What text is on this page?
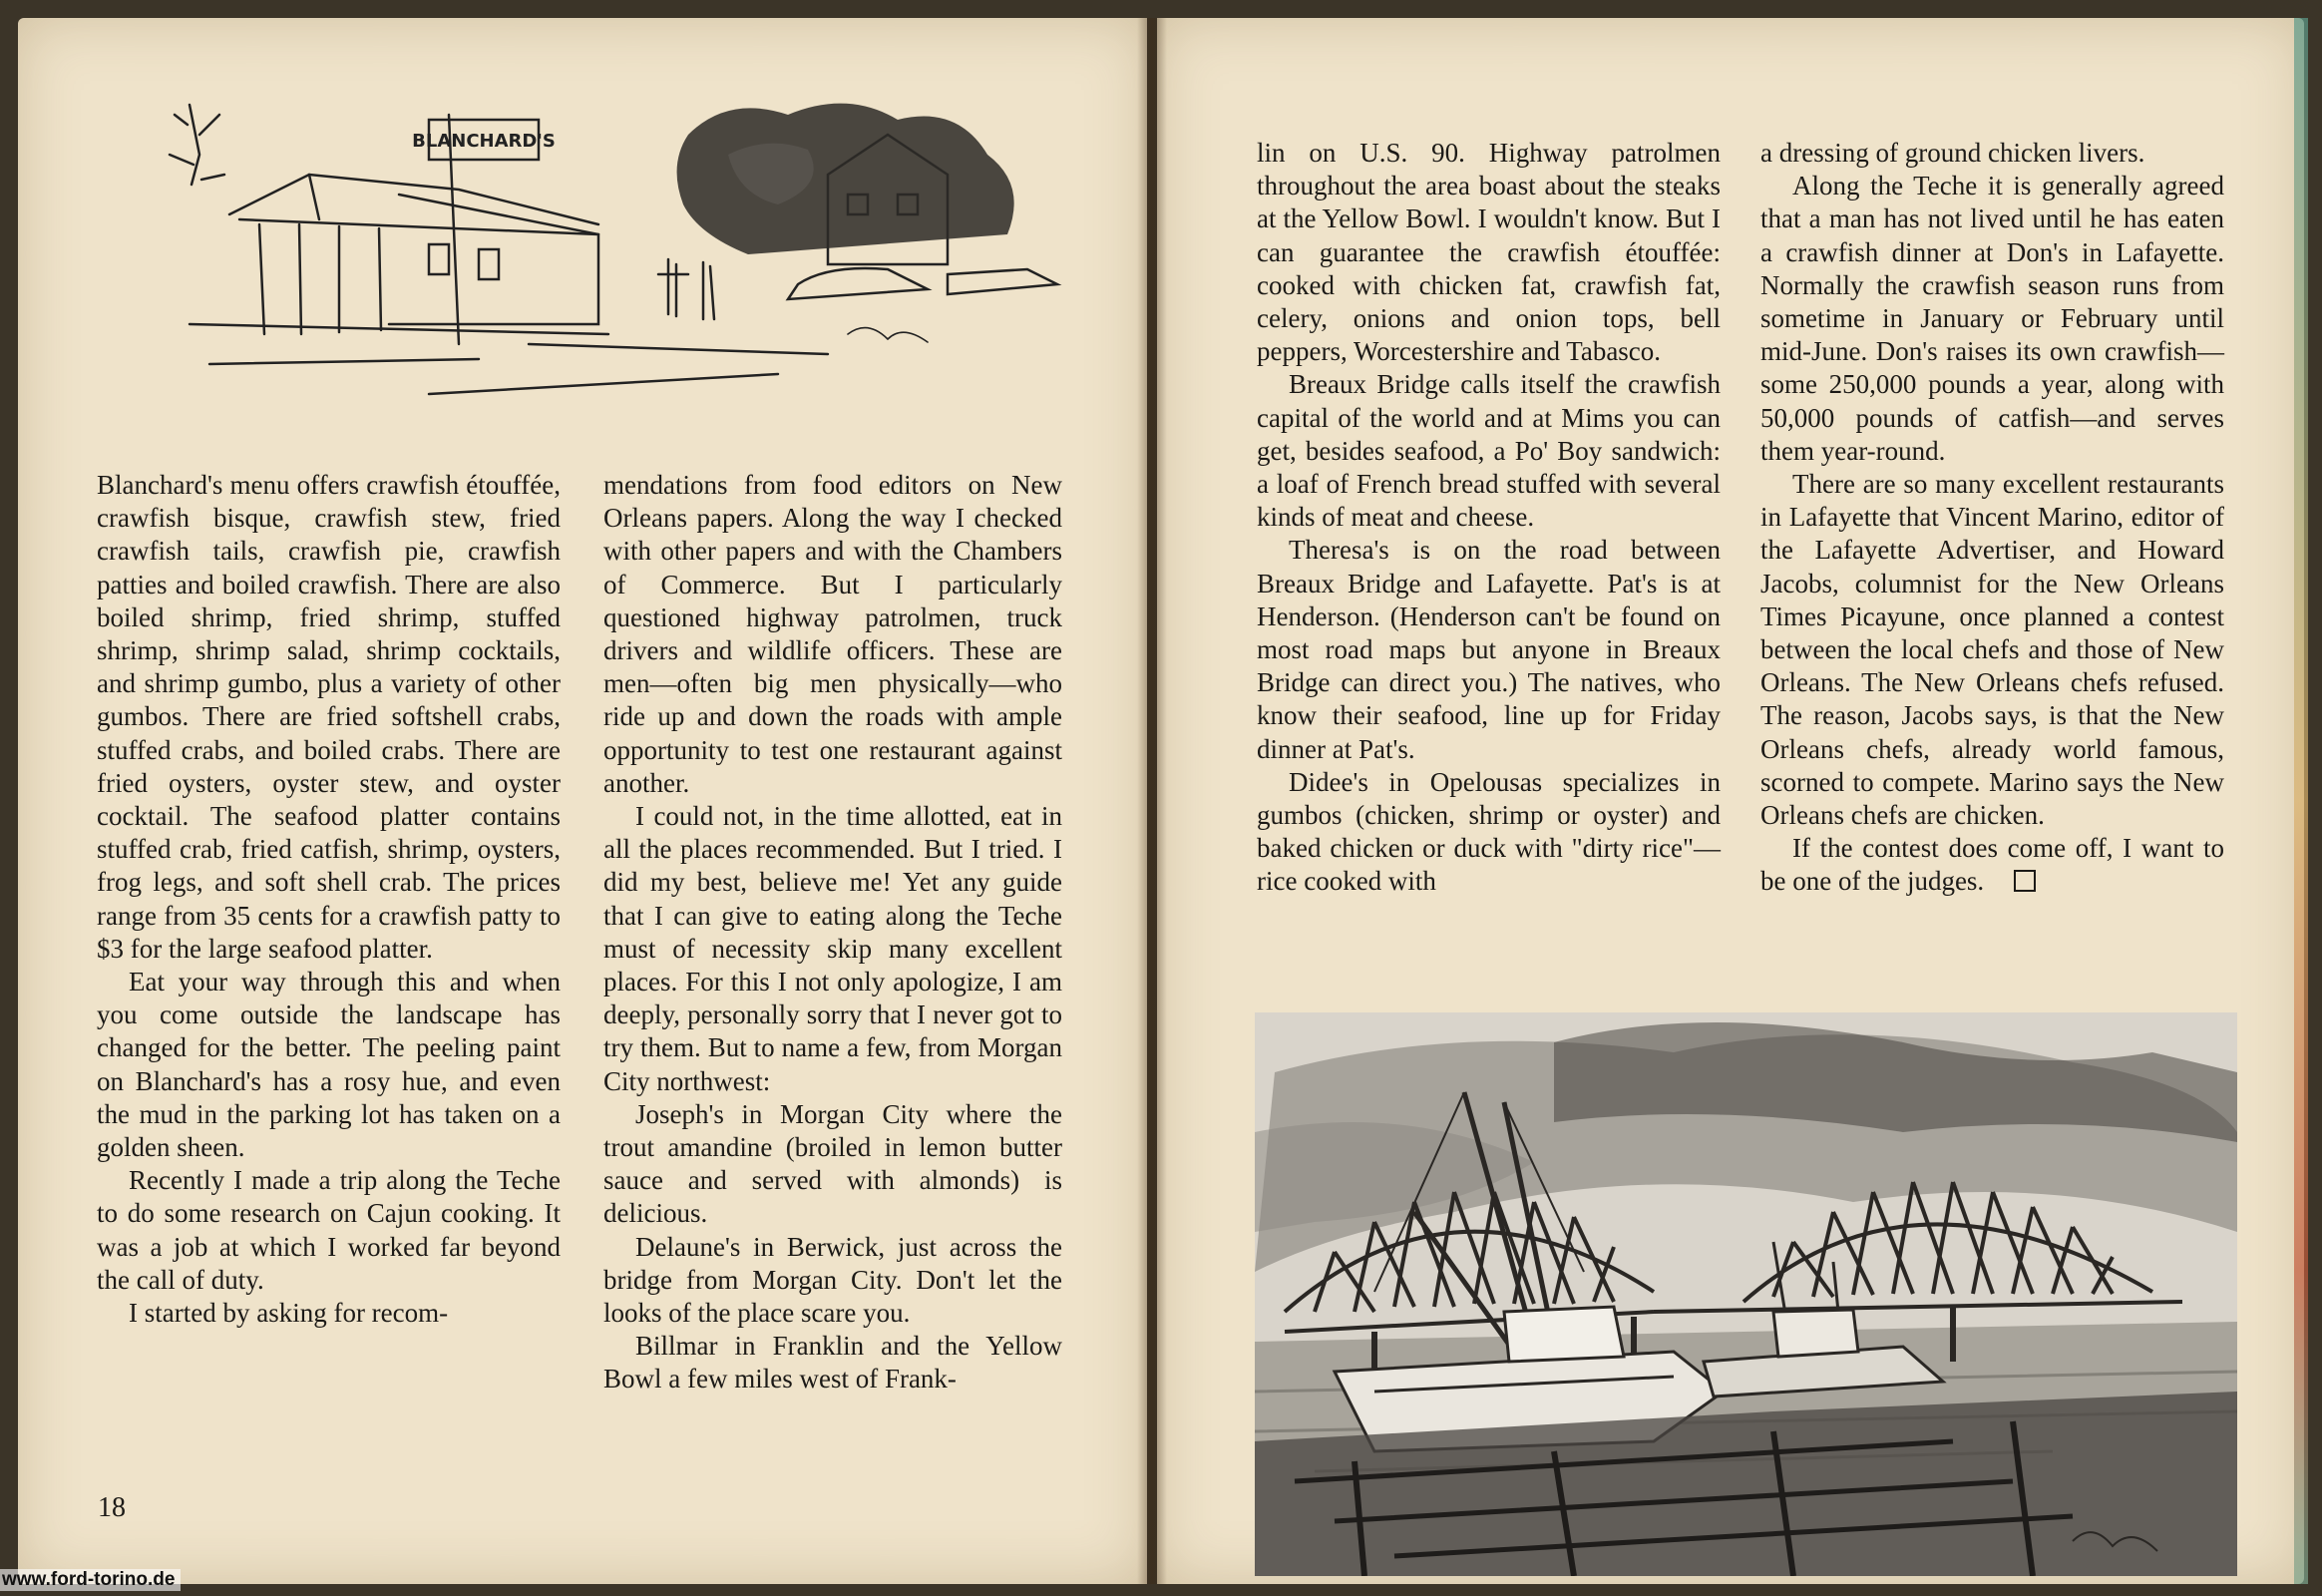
BLANCHARD'S

Blanchard's menu offers crawfish étouffée, crawfish bisque, crawfish stew, fried crawfish tails, crawfish pie, crawfish patties and boiled crawfish. There are also boiled shrimp, fried shrimp, stuffed shrimp, shrimp salad, shrimp cocktails, and shrimp gumbo, plus a variety of other gumbos. There are fried softshell crabs, stuffed crabs, and boiled crabs. There are fried oysters, oyster stew, and oyster cocktail. The seafood platter contains stuffed crab, fried catfish, shrimp, oysters, frog legs, and soft shell crab. The prices range from 35 cents for a crawfish patty to $3 for the large seafood platter.

Eat your way through this and when you come outside the landscape has changed for the better. The peeling paint on Blanchard's has a rosy hue, and even the mud in the parking lot has taken on a golden sheen.

Recently I made a trip along the Teche to do some research on Cajun cooking. It was a job at which I worked far beyond the call of duty.

I started by asking for recom-

mendations from food editors on New Orleans papers. Along the way I checked with other papers and with the Chambers of Commerce. But I particularly questioned highway patrolmen, truck drivers and wildlife officers. These are men—often big men physically—who ride up and down the roads with ample opportunity to test one restaurant against another.

I could not, in the time allotted, eat in all the places recommended. But I tried. I did my best, believe me! Yet any guide that I can give to eating along the Teche must of necessity skip many excellent places. For this I not only apologize, I am deeply, personally sorry that I never got to try them. But to name a few, from Morgan City northwest:

Joseph's in Morgan City where the trout amandine (broiled in lemon butter sauce and served with almonds) is delicious.

Delaune's in Berwick, just across the bridge from Morgan City. Don't let the looks of the place scare you.

Billmar in Franklin and the Yellow Bowl a few miles west of Frank-

18

lin on U.S. 90. Highway patrolmen throughout the area boast about the steaks at the Yellow Bowl. I wouldn't know. But I can guarantee the crawfish étouffée: cooked with chicken fat, crawfish fat, celery, onions and onion tops, bell peppers, Worcestershire and Tabasco.

Breaux Bridge calls itself the crawfish capital of the world and at Mims you can get, besides seafood, a Po' Boy sandwich: a loaf of French bread stuffed with several kinds of meat and cheese.

Theresa's is on the road between Breaux Bridge and Lafayette. Pat's is at Henderson. (Henderson can't be found on most road maps but anyone in Breaux Bridge can direct you.) The natives, who know their seafood, line up for Friday dinner at Pat's.

Didee's in Opelousas specializes in gumbos (chicken, shrimp or oyster) and baked chicken or duck with "dirty rice"—rice cooked with

a dressing of ground chicken livers.

Along the Teche it is generally agreed that a man has not lived until he has eaten a crawfish dinner at Don's in Lafayette. Normally the crawfish season runs from sometime in January or February until mid-June. Don's raises its own crawfish—some 250,000 pounds a year, along with 50,000 pounds of catfish—and serves them year-round.

There are so many excellent restaurants in Lafayette that Vincent Marino, editor of the Lafayette Advertiser, and Howard Jacobs, columnist for the New Orleans Times Picayune, once planned a contest between the local chefs and those of New Orleans. The New Orleans chefs refused. The reason, Jacobs says, is that the New Orleans chefs, already world famous, scorned to compete. Marino says the New Orleans chefs are chicken.

If the contest does come off, I want to be one of the judges.

www.ford-torino.de
